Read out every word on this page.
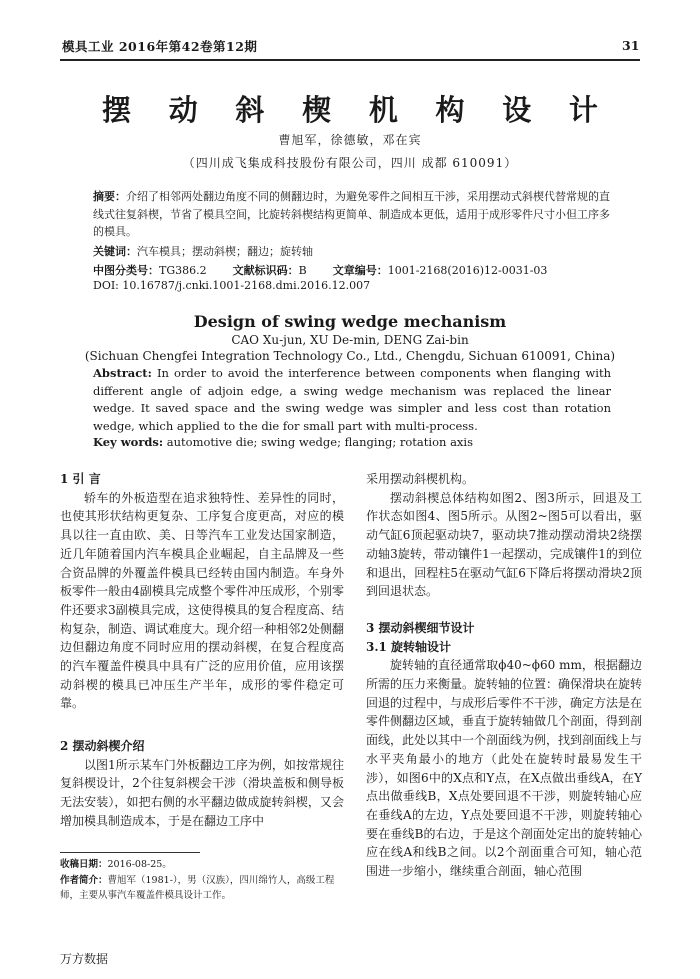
模具工业 2016年第42卷第12期	31
摆 动 斜 楔 机 构 设 计
曹旭军，徐德敏，邓在宾
（四川成飞集成科技股份有限公司，四川 成都 610091）
摘要：介绍了相邻两处翻边角度不同的侧翻边时，为避免零件之间相互干涉，采用摆动式斜楔代替常规的直线式往复斜楔，节省了模具空间，比旋转斜楔结构更简单、制造成本更低，适用于成形零件尺寸小但工序多的模具。
关键词：汽车模具；摆动斜楔；翻边；旋转轴
中图分类号：TG386.2 文献标识码：B 文章编号：1001-2168(2016)12-0031-03
DOI: 10.16787/j.cnki.1001-2168.dmi.2016.12.007
Design of swing wedge mechanism
CAO Xu-jun, XU De-min, DENG Zai-bin
(Sichuan Chengfei Integration Technology Co., Ltd., Chengdu, Sichuan 610091, China)
Abstract: In order to avoid the interference between components when flanging with different angle of adjoin edge, a swing wedge mechanism was replaced the linear wedge. It saved space and the swing wedge was simpler and less cost than rotation wedge, which applied to the die for small part with multi-process.
Key words: automotive die; swing wedge; flanging; rotation axis
1 引 言

轿车的外板造型在追求独特性、差异性的同时，也使其形状结构更复杂、工序复合度更高，对应的模具以往一直由欧、美、日等汽车工业发达国家制造，近几年随着国内汽车模具企业崛起，自主品牌及一些合资品牌的外覆盖件模具已经转由国内制造。车身外板零件一般由4副模具完成整个零件冲压成形，个别零件还要求3副模具完成，这使得模具的复合程度高、结构复杂，制造、调试难度大。现介绍一种相邻2处侧翻边但翻边角度不同时应用的摆动斜楔，在复合程度高的汽车覆盖件模具中具有广泛的应用价值，应用该摆动斜楔的模具已冲压生产半年，成形的零件稳定可靠。

2 摆动斜楔介绍

以图1所示某车门外板翻边工序为例，如按常规往复斜楔设计，2个往复斜楔会干涉（滑块盖板和侧导板无法安装），如把右侧的水平翻边做成旋转斜楔，又会增加模具制造成本，于是在翻边工序中

收稿日期：2016-08-25。
作者简介：曹旭军（1981-），男（汉族），四川绵竹人，高级工程师，主要从事汽车覆盖件模具设计工作。
采用摆动斜楔机构。

摆动斜楔总体结构如图2、图3所示，回退及工作状态如图4、图5所示。从图2~图5可以看出，驱动气缸6顶起驱动块7，驱动块7推动摆动滑块2绕摆动轴3旋转，带动镶件1一起摆动，完成镶件1的到位和退出，回程柱5在驱动气缸6下降后将摆动滑块2顶到回退状态。

3 摆动斜楔细节设计
3.1 旋转轴设计

旋转轴的直径通常取ϕ40~ϕ60 mm，根据翻边所需的压力来衡量。旋转轴的位置：确保滑块在旋转回退的过程中，与成形后零件不干涉，确定方法是在零件侧翻边区域，垂直于旋转轴做几个剖面，得到剖面线，此处以其中一个剖面线为例，找到剖面线上与水平夹角最小的地方（此处在旋转时最易发生干涉），如图6中的X点和Y点，在X点做出垂线A，在Y点出做垂线B，X点处要回退不干涉，则旋转轴心应在垂线A的左边，Y点处要回退不干涉，则旋转轴心要在垂线B的右边，于是这个剖面处定出的旋转轴心应在线A和线B之间。以2个剖面重合可知，轴心范围进一步缩小，继续重合剖面，轴心范围

万方数据
